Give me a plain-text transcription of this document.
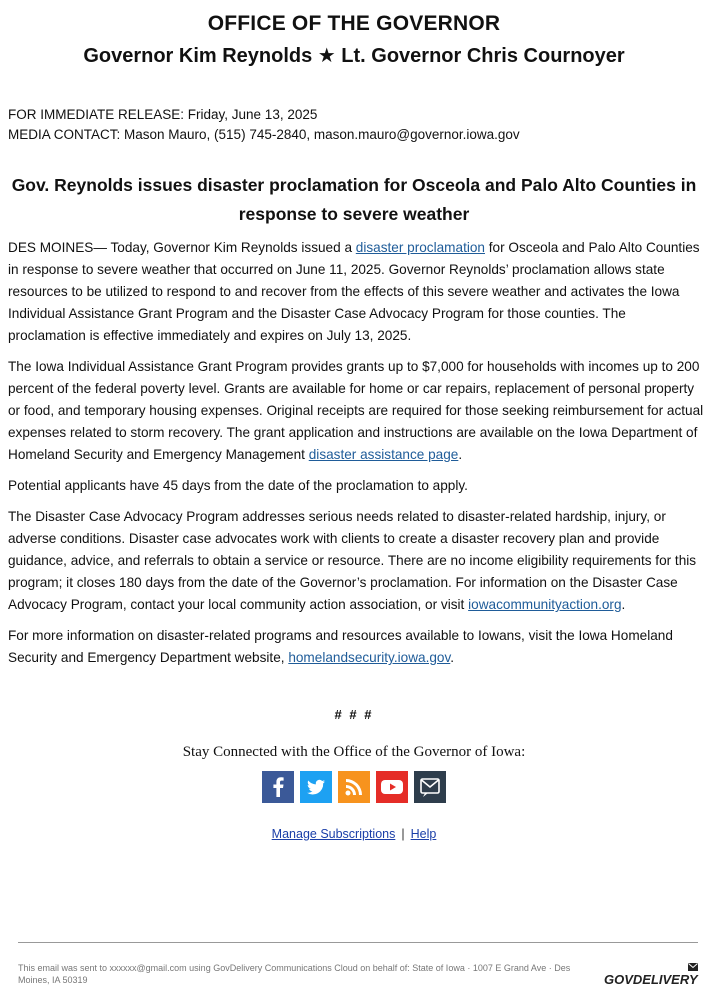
OFFICE OF THE GOVERNOR
Governor Kim Reynolds ★ Lt. Governor Chris Cournoyer
FOR IMMEDIATE RELEASE: Friday, June 13, 2025
MEDIA CONTACT: Mason Mauro, (515) 745-2840, mason.mauro@governor.iowa.gov
Gov. Reynolds issues disaster proclamation for Osceola and Palo Alto Counties in response to severe weather

DES MOINES— Today, Governor Kim Reynolds issued a disaster proclamation for Osceola and Palo Alto Counties in response to severe weather that occurred on June 11, 2025. Governor Reynolds’ proclamation allows state resources to be utilized to respond to and recover from the effects of this severe weather and activates the Iowa Individual Assistance Grant Program and the Disaster Case Advocacy Program for those counties. The proclamation is effective immediately and expires on July 13, 2025.

The Iowa Individual Assistance Grant Program provides grants up to $7,000 for households with incomes up to 200 percent of the federal poverty level. Grants are available for home or car repairs, replacement of personal property or food, and temporary housing expenses. Original receipts are required for those seeking reimbursement for actual expenses related to storm recovery. The grant application and instructions are available on the Iowa Department of Homeland Security and Emergency Management disaster assistance page.

Potential applicants have 45 days from the date of the proclamation to apply.

The Disaster Case Advocacy Program addresses serious needs related to disaster-related hardship, injury, or adverse conditions. Disaster case advocates work with clients to create a disaster recovery plan and provide guidance, advice, and referrals to obtain a service or resource. There are no income eligibility requirements for this program; it closes 180 days from the date of the Governor’s proclamation. For information on the Disaster Case Advocacy Program, contact your local community action association, or visit iowacommunityaction.org.

For more information on disaster-related programs and resources available to Iowans, visit the Iowa Homeland Security and Emergency Department website, homelandsecurity.iowa.gov.

# # #
Stay Connected with the Office of the Governor of Iowa:

Manage Subscriptions | Help
This email was sent to xxxxxx@gmail.com using GovDelivery Communications Cloud on behalf of: State of Iowa · 1007 E Grand Ave · Des Moines, IA 50319	GOVDELIVERY
